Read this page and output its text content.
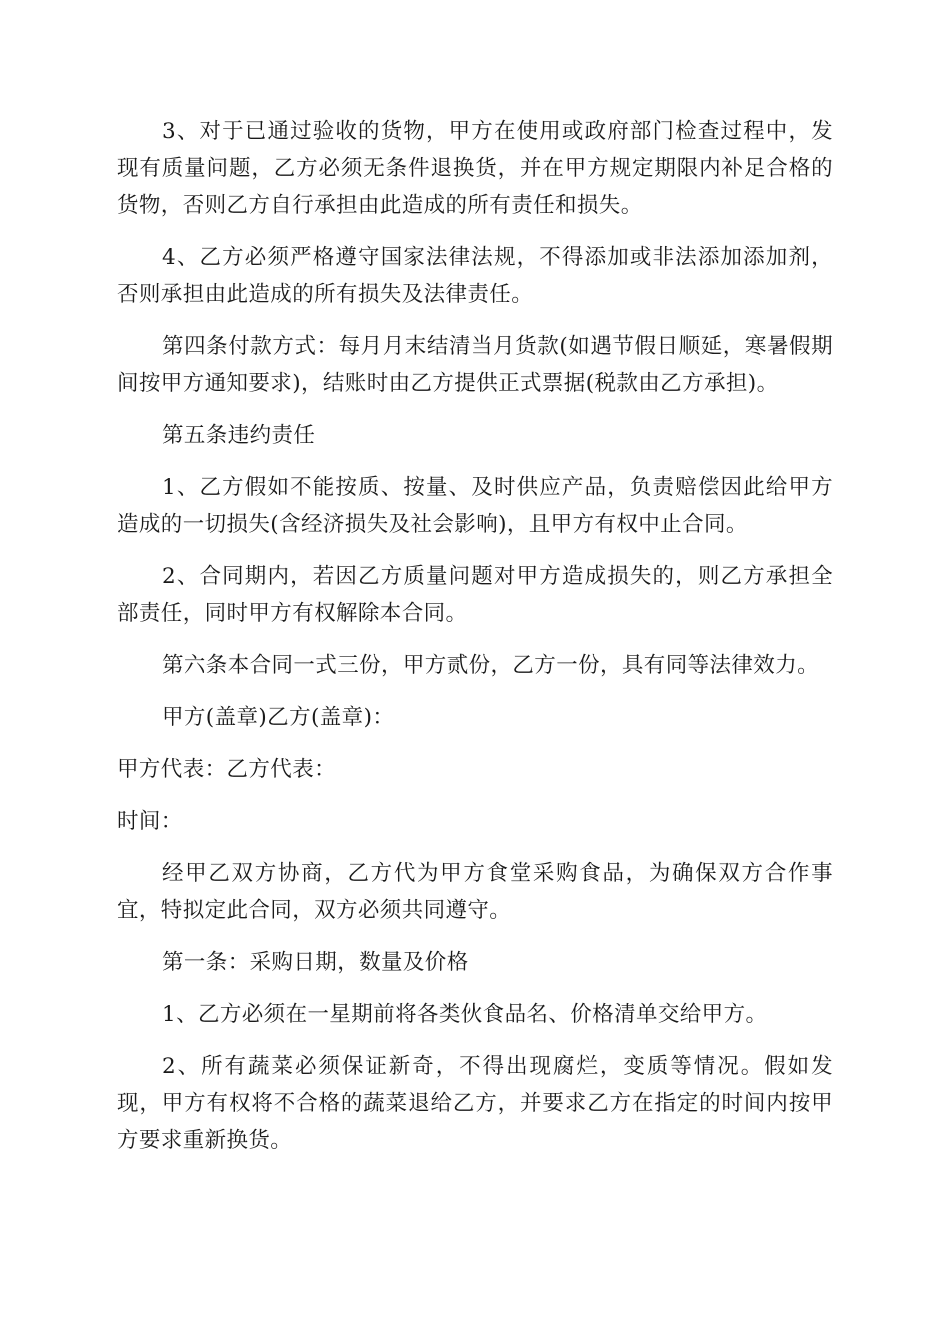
3、对于已通过验收的货物，甲方在使用或政府部门检查过程中，发现有质量问题，乙方必须无条件退换货，并在甲方规定期限内补足合格的货物，否则乙方自行承担由此造成的所有责任和损失。

4、乙方必须严格遵守国家法律法规，不得添加或非法添加添加剂，否则承担由此造成的所有损失及法律责任。

第四条付款方式：每月月末结清当月货款(如遇节假日顺延，寒暑假期间按甲方通知要求)，结账时由乙方提供正式票据(税款由乙方承担)。

第五条违约责任

1、乙方假如不能按质、按量、及时供应产品，负责赔偿因此给甲方造成的一切损失(含经济损失及社会影响)，且甲方有权中止合同。

2、合同期内，若因乙方质量问题对甲方造成损失的，则乙方承担全部责任，同时甲方有权解除本合同。

第六条本合同一式三份，甲方贰份，乙方一份，具有同等法律效力。

甲方(盖章)乙方(盖章)：

甲方代表：乙方代表：

时间：

经甲乙双方协商，乙方代为甲方食堂采购食品，为确保双方合作事宜，特拟定此合同，双方必须共同遵守。

第一条：采购日期，数量及价格

1、乙方必须在一星期前将各类伙食品名、价格清单交给甲方。

2、所有蔬菜必须保证新奇，不得出现腐烂，变质等情况。假如发现，甲方有权将不合格的蔬菜退给乙方，并要求乙方在指定的时间内按甲方要求重新换货。
